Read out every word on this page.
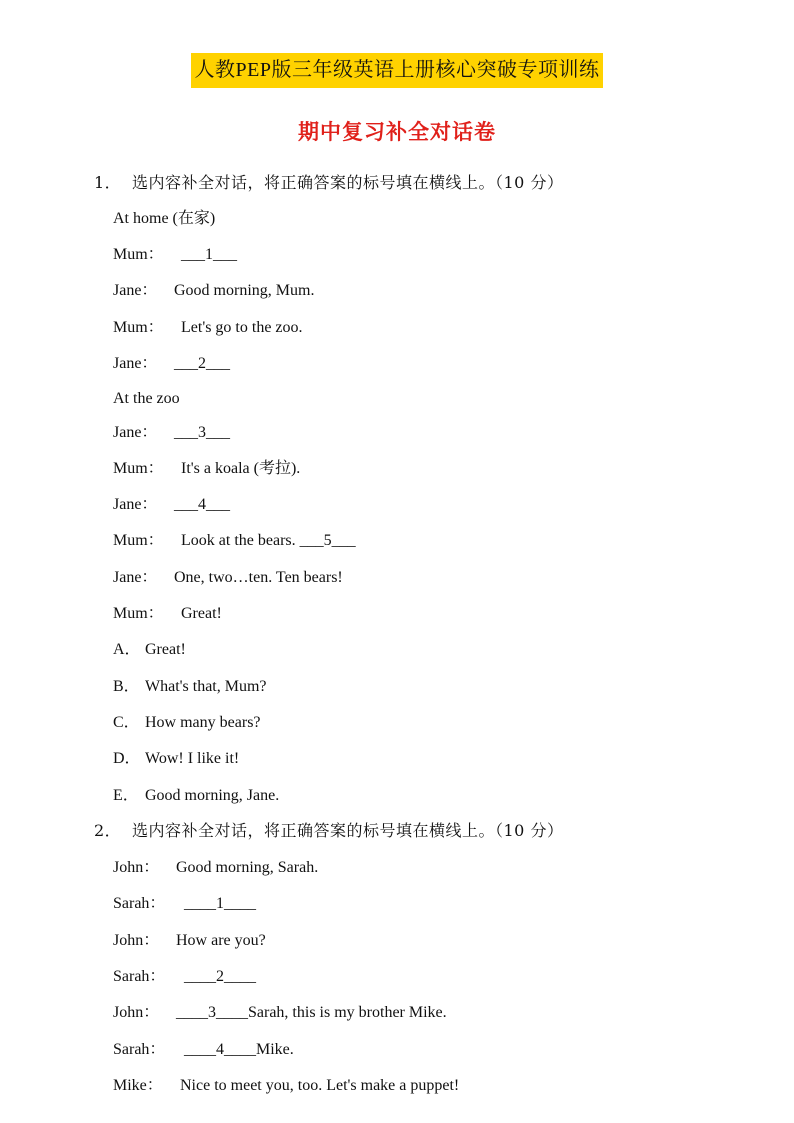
人教PEP版三年级英语上册核心突破专项训练
期中复习补全对话卷
1． 选内容补全对话，将正确答案的标号填在横线上。（10 分）
At home (在家)
Mum： ___1___
Jane： Good morning, Mum.
Mum： Let's go to the zoo.
Jane： ___2___
At the zoo
Jane： ___3___
Mum： It's a koala (考拉).
Jane： ___4___
Mum： Look at the bears. ___5___
Jane： One, two…ten. Ten bears!
Mum： Great!
A． Great!
B． What's that, Mum?
C． How many bears?
D． Wow! I like it!
E． Good morning, Jane.
2． 选内容补全对话，将正确答案的标号填在横线上。（10 分）
John： Good morning, Sarah.
Sarah： ____1____
John： How are you?
Sarah： ____2____
John： ____3____Sarah, this is my brother Mike.
Sarah： ____4____Mike.
Mike： Nice to meet you, too. Let's make a puppet!
